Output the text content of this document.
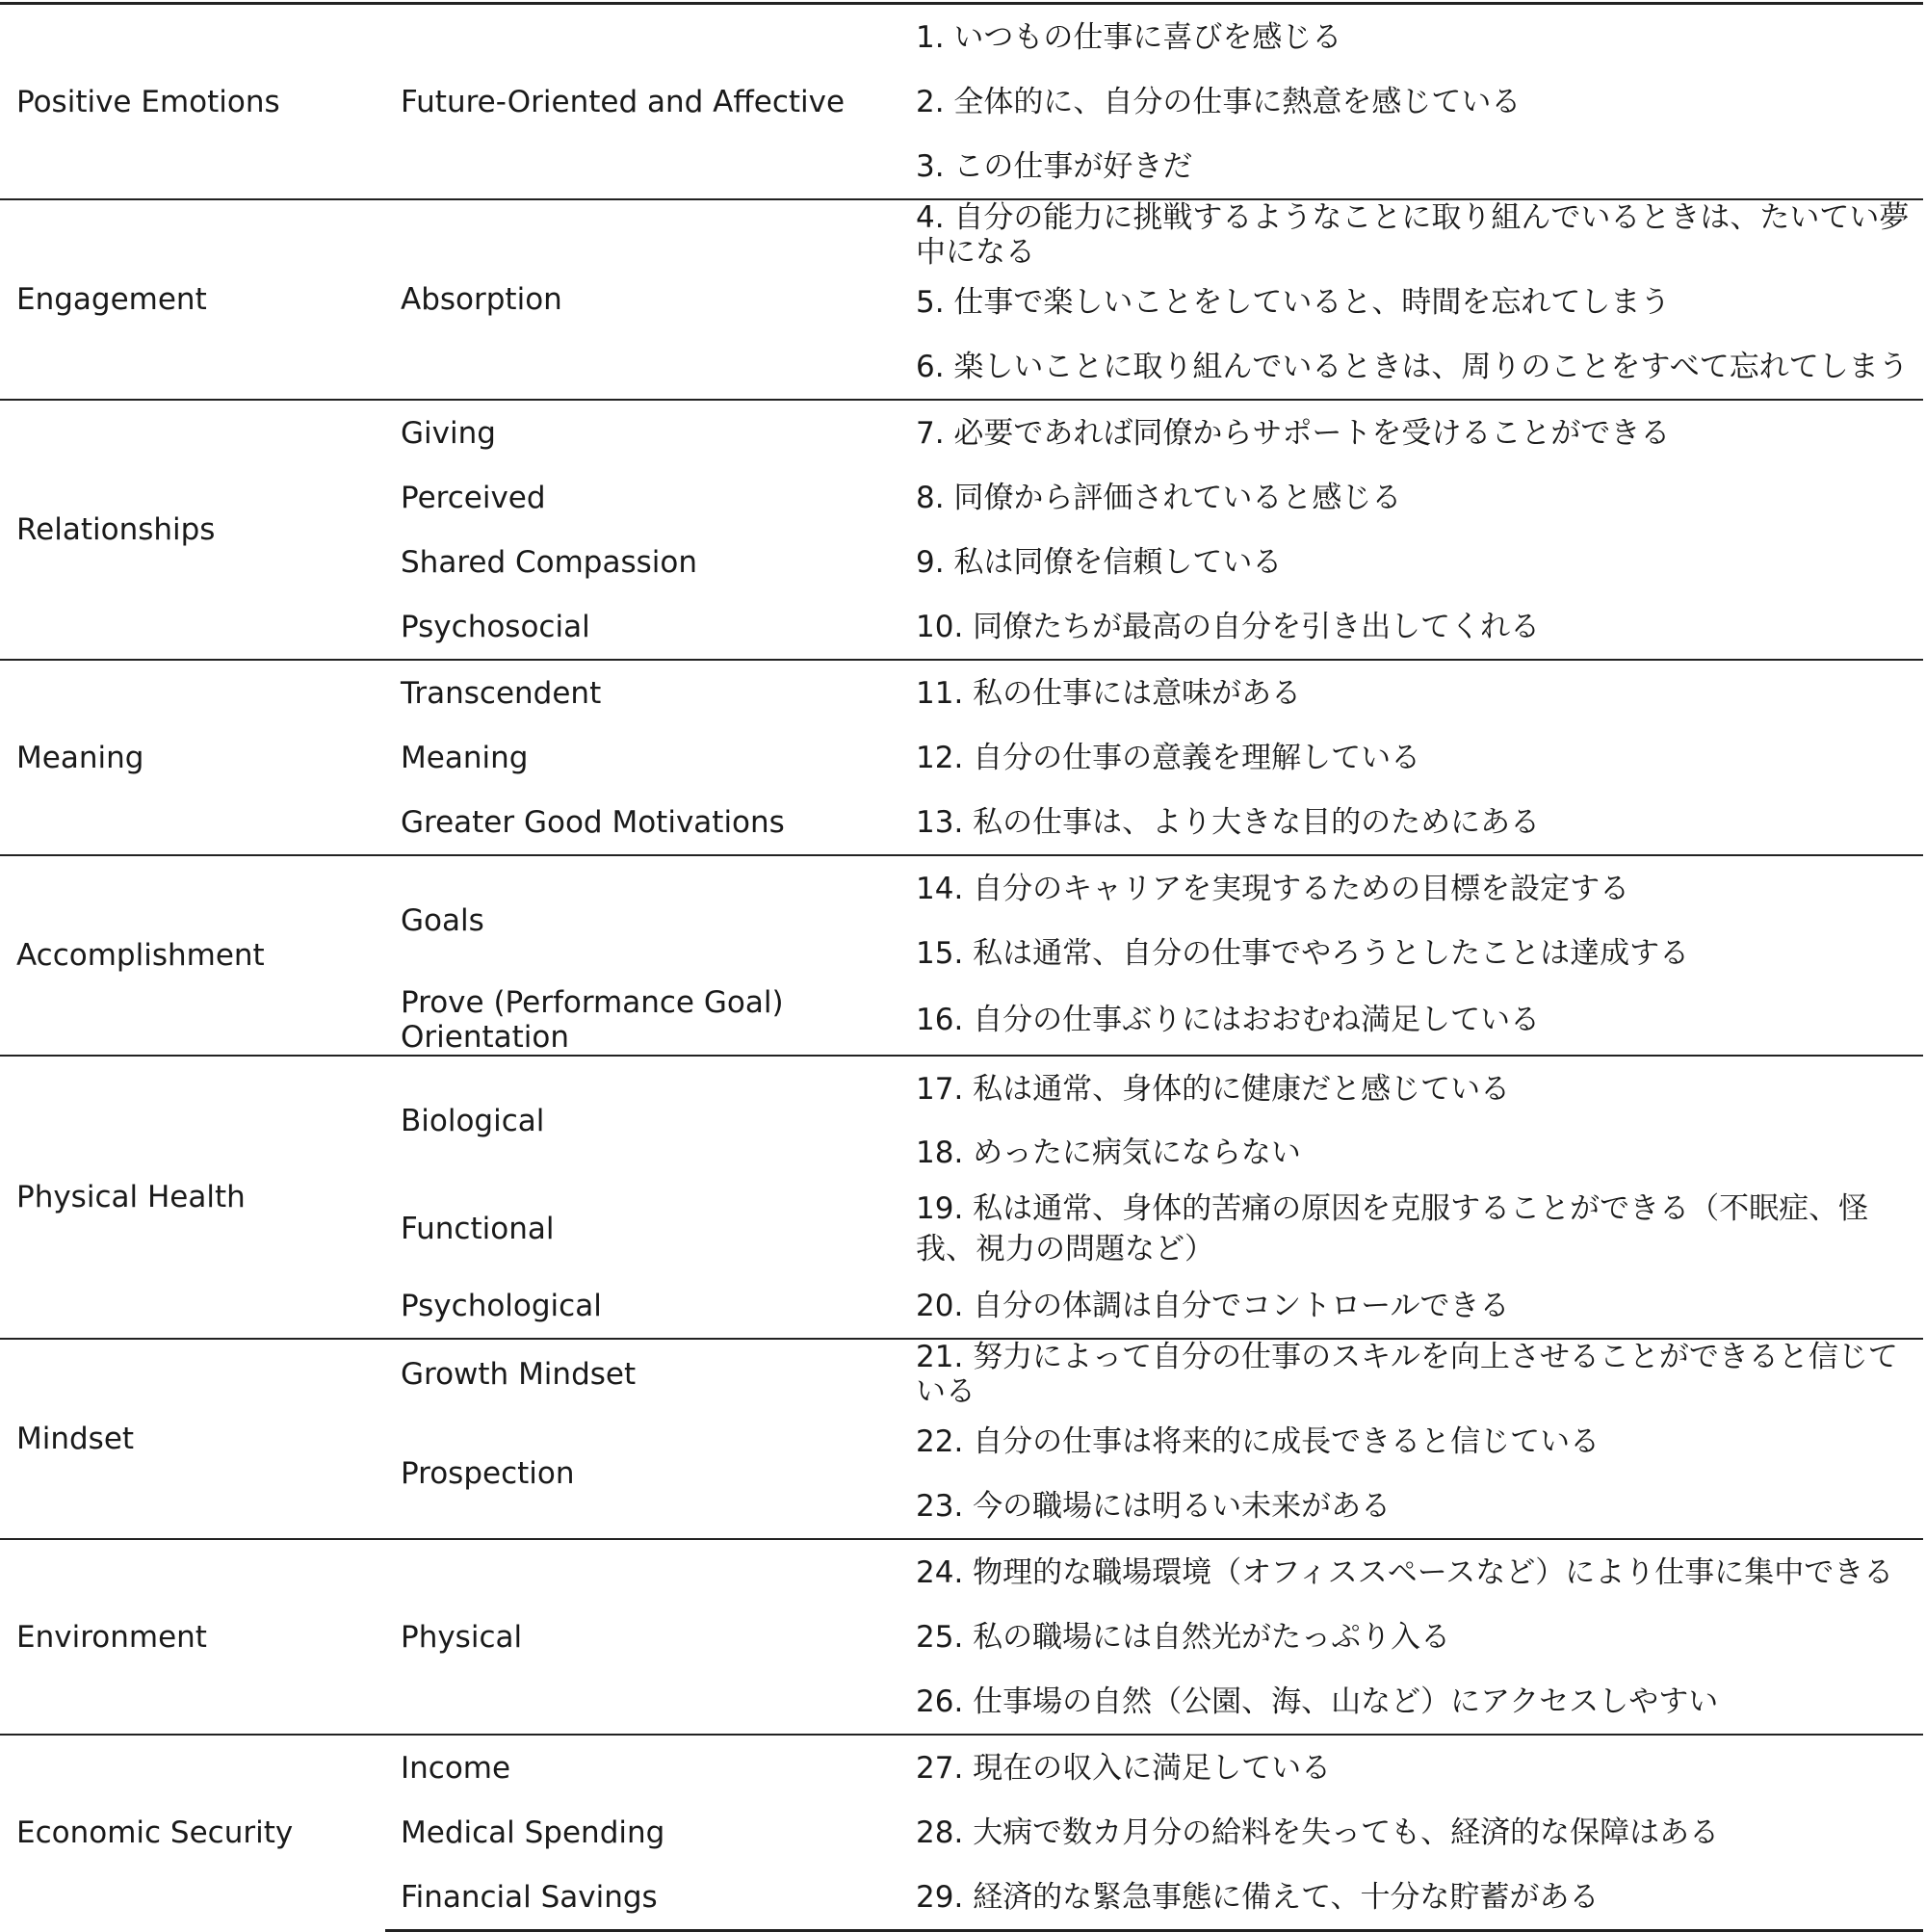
Positive Emotions	Future-Oriented and Affective	1. いつもの仕事に喜びを感じる
		2. 全体的に、自分の仕事に熱意を感じている
		3. この仕事が好きだ
Engagement	Absorption	4. 自分の能力に挑戦するようなことに取り組んでいるときは、たいてい夢中になる
		5. 仕事で楽しいことをしていると、時間を忘れてしまう
		6. 楽しいことに取り組んでいるときは、周りのことをすべて忘れてしまう
Relationships	Giving	7. 必要であれば同僚からサポートを受けることができる
	Perceived	8. 同僚から評価されていると感じる
	Shared Compassion	9. 私は同僚を信頼している
	Psychosocial	10. 同僚たちが最高の自分を引き出してくれる
Meaning	Transcendent	11. 私の仕事には意味がある
	Meaning	12. 自分の仕事の意義を理解している
	Greater Good Motivations	13. 私の仕事は、より大きな目的のためにある
Accomplishment	Goals	14. 自分のキャリアを実現するための目標を設定する
		15. 私は通常、自分の仕事でやろうとしたことは達成する
	Prove (Performance Goal) Orientation	16. 自分の仕事ぶりにはおおむね満足している
Physical Health	Biological	17. 私は通常、身体的に健康だと感じている
		18. めったに病気にならない
	Functional	19. 私は通常、身体的苦痛の原因を克服することができる（不眠症、怪我、視力の問題など）
	Psychological	20. 自分の体調は自分でコントロールできる
Mindset	Growth Mindset	21. 努力によって自分の仕事のスキルを向上させることができると信じている
	Prospection	22. 自分の仕事は将来的に成長できると信じている
		23. 今の職場には明るい未来がある
Environment	Physical	24. 物理的な職場環境（オフィススペースなど）により仕事に集中できる
		25. 私の職場には自然光がたっぷり入る
		26. 仕事場の自然（公園、海、山など）にアクセスしやすい
Economic Security	Income	27. 現在の収入に満足している
	Medical Spending	28. 大病で数カ月分の給料を失っても、経済的な保障はある
	Financial Savings	29. 経済的な緊急事態に備えて、十分な貯蓄がある
